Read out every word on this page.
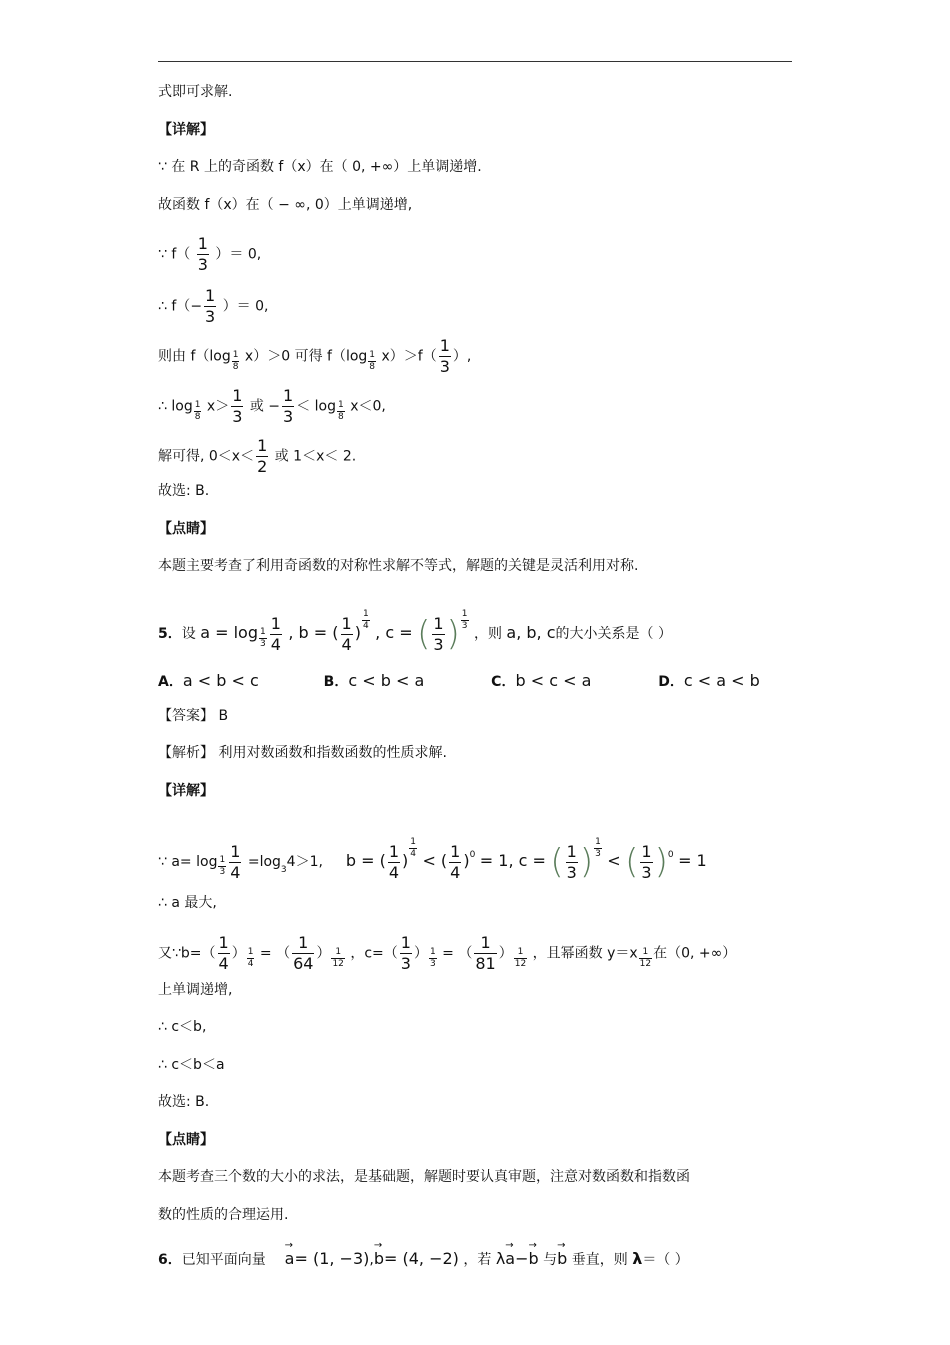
式即可求解.
【详解】
∵ 在 R 上的奇函数 f（x）在（ 0, +∞）上单调递增.
故函数 f（x）在（ − ∞, 0）上单调递增,
∵ $f( \frac{1}{3}$ ）＝ 0,
∴ $f(- \frac{1}{3}$ ）＝ 0,
则由 $f(\log \frac{1}{8} x)>0$ 可得 $f(\log \frac{1}{8} x)>f( \frac{1}{3}$ ）,
∴ $\log \frac{1}{8} x> \frac{1}{3}$ 或 − $\frac{1}{3} < \log \frac{1}{8} x<0$,
解可得, $0<x< \frac{1}{2}$ 或 1＜x＜ 2.
故选: B.
【点睛】
本题主要考查了利用奇函数的对称性求解不等式，解题的关键是灵活利用对称.
5．设 $a = \log \frac{1}{3} \frac{1}{4}$ , b = ( $\frac{1}{4}$ )
$\frac{1}{4}$
, c = ( $\frac{1}{3}$ ) $\frac{1}{3}$
，则 a, b, c的大小关系是（ ）
A．a < b < c	B．c < b < a	C．b < c < a	D．c < a < b
【答案】 B
【解析】 利用对数函数和指数函数的性质求解.
【详解】
∵ $a= \log \frac{1}{3} \frac{1}{4} =\log_34>1$, b = ( $\frac{1}{4}$ )
$\frac{1}{4}$
< ( $\frac{1}{4} )^0 = 1$, c = ( $\frac{1}{3}$ ) $\frac{1}{3}$
< ( $\frac{1}{3} )^0 = 1$
∴ a 最大,
又∵b=（ $\frac{1}{4}$ ） $\frac{1}{4}$ = （ $\frac{1}{64}$ ） $\frac{1}{12}$ ，$c=( \frac{1}{3}$ ） $\frac{1}{3}$ = （ $\frac{1}{81}$ ） $\frac{1}{12}$ ，且幂函数 $y=x \frac{1}{12}$ 在（0, +∞）
上单调递增,
∴ c＜b,
∴ c＜b＜a
故选: B.
【点睛】
本题考查三个数的大小的求法，是基础题，解题时要认真审题，注意对数函数和指数函
数的性质的合理运用.
6．已知平面向量  → a= (1, −3),→ b= (4, −2) ，若 λ→ a−→ b 与→ b 垂直，则 λ＝（ ）
